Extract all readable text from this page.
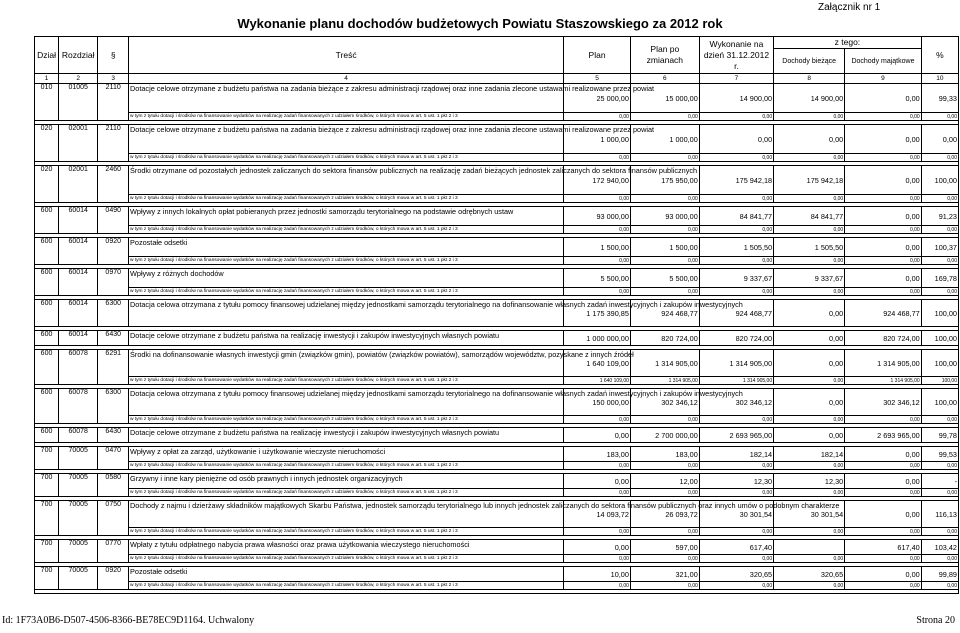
Załącznik nr 1
Wykonanie planu dochodów budżetowych Powiatu Staszowskiego za 2012 rok
Dział	Rozdział	§	Treść	Plan	Plan po zmianach	Wykonanie na dzień 31.12.2012 r.	z tego:		%
							Dochody bieżące	Dochody majątkowe	
1	2	3	4	5	6	7	8	9	10
010	01005	2110	Dotacje celowe otrzymane z budżetu państwa na zadania bieżące z zakresu administracji rządowej oraz inne zadania zlecone ustawami realizowane przez powiat	25 000,00	15 000,00	14 900,00	14 900,00	0,00	99,33
			w tym z tytułu dotacji i środków na finansowanie wydatków na realizację zadań finansowanych z udziałem środków, o których mowa w art. 5 ust. 1 pkt 2 i 3	0,00	0,00	0,00	0,00	0,00	0,00

020	02001	2110	Dotacje celowe otrzymane z budżetu państwa na zadania bieżące z zakresu administracji rządowej oraz inne zadania zlecone ustawami realizowane przez powiat	1 000,00	1 000,00	0,00	0,00	0,00	0,00
			w tym z tytułu dotacji i środków na finansowanie wydatków na realizację zadań finansowanych z udziałem środków, o których mowa w art. 5 ust. 1 pkt 2 i 3	0,00	0,00	0,00	0,00	0,00	0,00

020	02001	2460	Środki otrzymane od pozostałych jednostek zaliczanych do sektora finansów publicznych na realizację zadań bieżących jednostek zaliczanych do sektora finansów publicznych	172 940,00	175 950,00	175 942,18	175 942,18	0,00	100,00
			w tym z tytułu dotacji i środków na finansowanie wydatków na realizację zadań finansowanych z udziałem środków, o których mowa w art. 5 ust. 1 pkt 2 i 3	0,00	0,00	0,00	0,00	0,00	0,00

600	60014	0490	Wpływy z innych lokalnych opłat pobieranych przez jednostki samorządu terytorialnego na podstawie odrębnych ustaw	93 000,00	93 000,00	84 841,77	84 841,77	0,00	91,23
			w tym z tytułu dotacji i środków na finansowanie wydatków na realizację zadań finansowanych z udziałem środków, o których mowa w art. 5 ust. 1 pkt 2 i 3	0,00	0,00	0,00	0,00	0,00	0,00

600	60014	0920	Pozostałe odsetki	1 500,00	1 500,00	1 505,50	1 505,50	0,00	100,37
			w tym z tytułu dotacji i środków na finansowanie wydatków na realizację zadań finansowanych z udziałem środków, o których mowa w art. 5 ust. 1 pkt 2 i 3	0,00	0,00	0,00	0,00	0,00	0,00

600	60014	0970	Wpływy z różnych dochodów	5 500,00	5 500,00	9 337,67	9 337,67	0,00	169,78
			w tym z tytułu dotacji i środków na finansowanie wydatków na realizację zadań finansowanych z udziałem środków, o których mowa w art. 5 ust. 1 pkt 2 i 3	0,00	0,00	0,00	0,00	0,00	0,00

600	60014	6300	Dotacja celowa otrzymana z tytułu pomocy finansowej udzielanej między jednostkami samorządu terytorialnego na dofinansowanie własnych zadań inwestycyjnych i zakupów inwestycyjnych	1 175 390,85	924 468,77	924 468,77	0,00	924 468,77	100,00

600	60014	6430	Dotacje celowe otrzymane z budżetu państwa na realizację inwestycji i zakupów inwestycyjnych własnych powiatu	1 000 000,00	820 724,00	820 724,00	0,00	820 724,00	100,00

600	60078	6291	Środki na dofinansowanie własnych inwestycji gmin (związków gmin), powiatów (związków powiatów), samorządów województw, pozyskane z innych źródeł	1 640 109,00	1 314 905,00	1 314 905,00	0,00	1 314 905,00	100,00
			w tym z tytułu dotacji i środków na finansowanie wydatków na realizację zadań finansowanych z udziałem środków, o których mowa w art. 5 ust. 1 pkt 2 i 3	1 640 109,00	1 314 905,00	1 314 905,00	0,00	1 314 905,00	100,00

600	60078	6300	Dotacja celowa otrzymana z tytułu pomocy finansowej udzielanej między jednostkami samorządu terytorialnego na dofinansowanie własnych zadań inwestycyjnych i zakupów inwestycyjnych	150 000,00	302 346,12	302 346,12	0,00	302 346,12	100,00
			w tym z tytułu dotacji i środków na finansowanie wydatków na realizację zadań finansowanych z udziałem środków, o których mowa w art. 5 ust. 1 pkt 2 i 3	0,00	0,00	0,00	0,00	0,00	0,00

600	60078	6430	Dotacje celowe otrzymane z budżetu państwa na realizację inwestycji i zakupów inwestycyjnych własnych powiatu	0,00	2 700 000,00	2 693 965,00	0,00	2 693 965,00	99,78

700	70005	0470	Wpływy z opłat za zarząd, użytkowanie i użytkowanie wieczyste nieruchomości	183,00	183,00	182,14	182,14	0,00	99,53
			w tym z tytułu dotacji i środków na finansowanie wydatków na realizację zadań finansowanych z udziałem środków, o których mowa w art. 5 ust. 1 pkt 2 i 3	0,00	0,00	0,00	0,00	0,00	0,00

700	70005	0580	Grzywny i inne kary pieniężne od osób prawnych i innych jednostek organizacyjnych	0,00	12,00	12,30	12,30	0,00	-
			w tym z tytułu dotacji i środków na finansowanie wydatków na realizację zadań finansowanych z udziałem środków, o których mowa w art. 5 ust. 1 pkt 2 i 3	0,00	0,00	0,00	0,00	0,00	0,00

700	70005	0750	Dochody z najmu i dzierżawy składników majątkowych Skarbu Państwa, jednostek samorządu terytorialnego lub innych jednostek zaliczanych do sektora finansów publicznych oraz innych umów o podobnym charakterze	14 093,72	26 093,72	30 301,54	30 301,54	0,00	116,13
			w tym z tytułu dotacji i środków na finansowanie wydatków na realizację zadań finansowanych z udziałem środków, o których mowa w art. 5 ust. 1 pkt 2 i 3	0,00	0,00	0,00	0,00	0,00	0,00

700	70005	0770	Wpłaty z tytułu odpłatnego nabycia prawa własności oraz prawa użytkowania wieczystego nieruchomości	0,00	597,00	617,40		617,40	103,42
			w tym z tytułu dotacji i środków na finansowanie wydatków na realizację zadań finansowanych z udziałem środków, o których mowa w art. 5 ust. 1 pkt 2 i 3	0,00	0,00	0,00	0,00	0,00	0,00

700	70005	0920	Pozostałe odsetki	10,00	321,00	320,65	320,65	0,00	99,89
			w tym z tytułu dotacji i środków na finansowanie wydatków na realizację zadań finansowanych z udziałem środków, o których mowa w art. 5 ust. 1 pkt 2 i 3	0,00	0,00	0,00	0,00	0,00	0,00

Id: 1F73A0B6-D507-4506-8366-BE78EC9D1164. Uchwalony	Strona 20
